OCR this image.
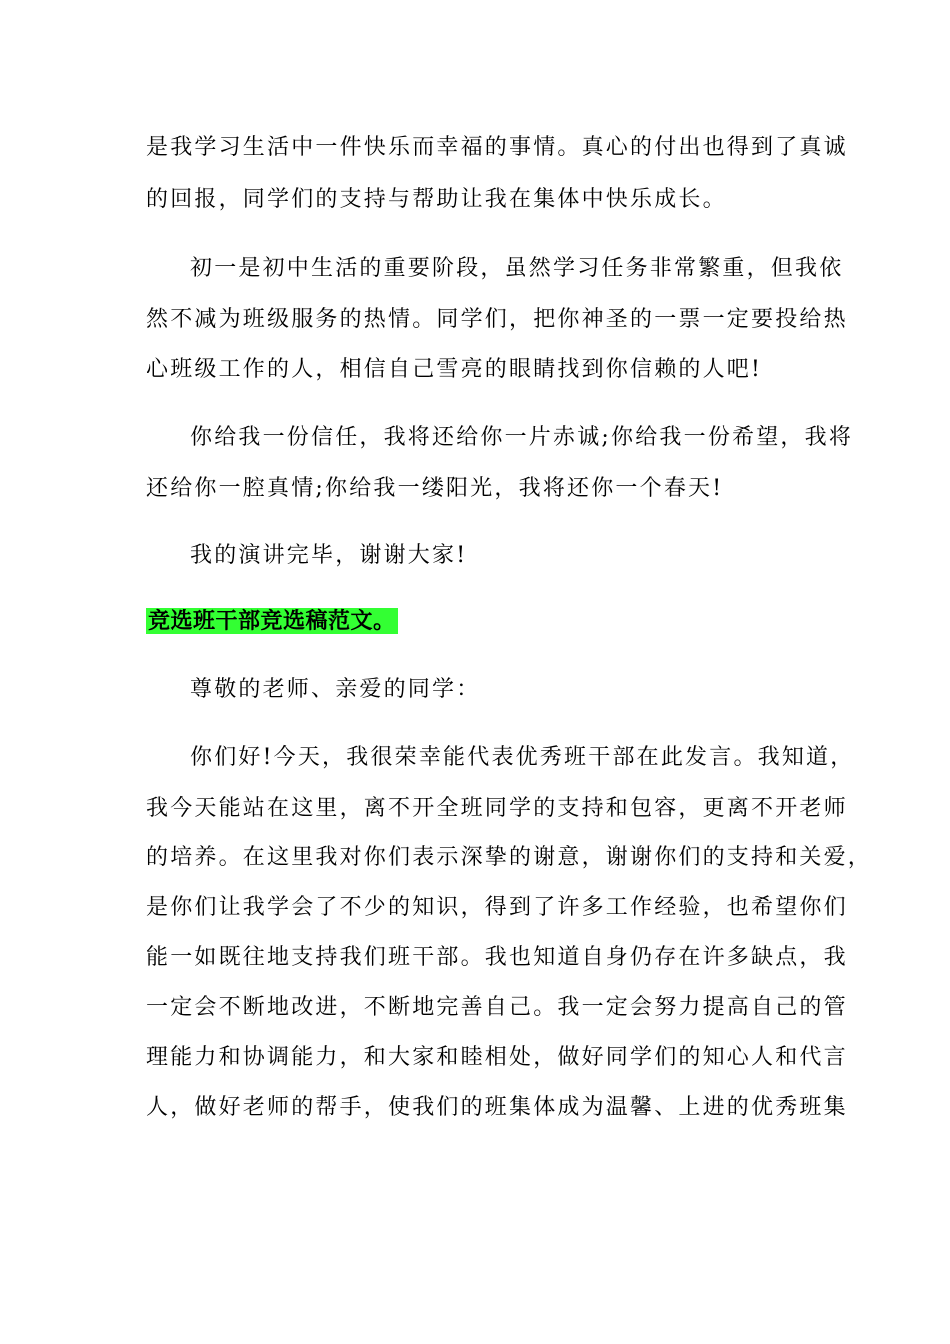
是我学习生活中一件快乐而幸福的事情。真心的付出也得到了真诚
的回报，同学们的支持与帮助让我在集体中快乐成长。
初一是初中生活的重要阶段，虽然学习任务非常繁重，但我依
然不减为班级服务的热情。同学们，把你神圣的一票一定要投给热
心班级工作的人，相信自己雪亮的眼睛找到你信赖的人吧!
你给我一份信任，我将还给你一片赤诚;你给我一份希望，我将
还给你一腔真情;你给我一缕阳光，我将还你一个春天!
我的演讲完毕，谢谢大家!
竞选班干部竞选稿范文。
尊敬的老师、亲爱的同学：
你们好!今天，我很荣幸能代表优秀班干部在此发言。我知道，
我今天能站在这里，离不开全班同学的支持和包容，更离不开老师
的培养。在这里我对你们表示深挚的谢意，谢谢你们的支持和关爱，
是你们让我学会了不少的知识，得到了许多工作经验，也希望你们
能一如既往地支持我们班干部。我也知道自身仍存在许多缺点，我
一定会不断地改进，不断地完善自己。我一定会努力提高自己的管
理能力和协调能力，和大家和睦相处，做好同学们的知心人和代言
人，做好老师的帮手，使我们的班集体成为温馨、上进的优秀班集
